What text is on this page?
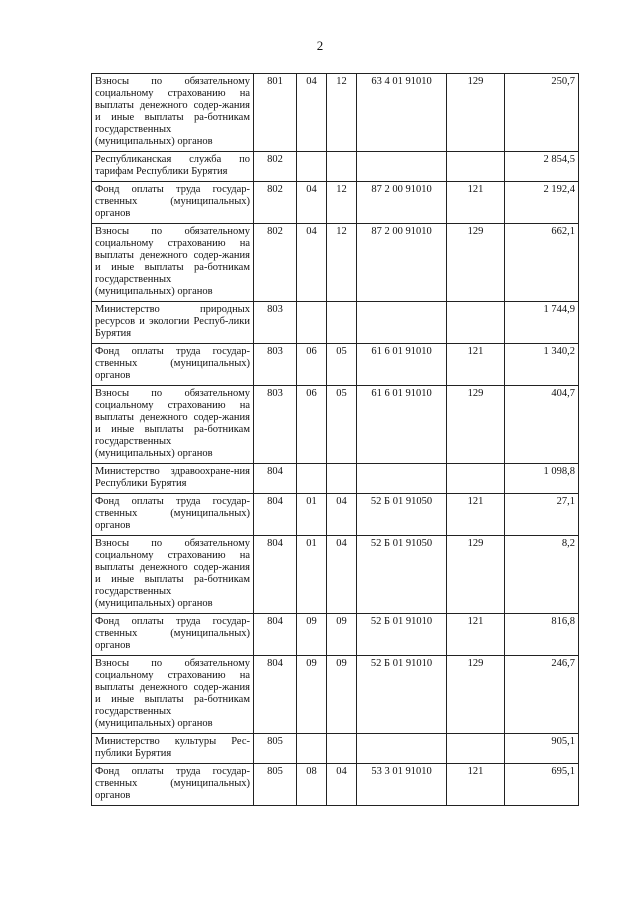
2
Взносы по обязательному социальному страхованию на выплаты денежного содер-жания и иные выплаты ра-ботникам государственных (муниципальных) органов	801	04	12	63 4 01 91010	129	250,7
Республиканская служба по тарифам Республики Бурятия	802					2 854,5
Фонд оплаты труда государ-ственных (муниципальных) органов	802	04	12	87 2 00 91010	121	2 192,4
Взносы по обязательному социальному страхованию на выплаты денежного содер-жания и иные выплаты ра-ботникам государственных (муниципальных) органов	802	04	12	87 2 00 91010	129	662,1
Министерство природных ресурсов и экологии Респуб-лики Бурятия	803					1 744,9
Фонд оплаты труда государ-ственных (муниципальных) органов	803	06	05	61 6 01 91010	121	1 340,2
Взносы по обязательному социальному страхованию на выплаты денежного содер-жания и иные выплаты ра-ботникам государственных (муниципальных) органов	803	06	05	61 6 01 91010	129	404,7
Министерство здравоохране-ния Республики Бурятия	804					1 098,8
Фонд оплаты труда государ-ственных (муниципальных) органов	804	01	04	52 Б 01 91050	121	27,1
Взносы по обязательному социальному страхованию на выплаты денежного содер-жания и иные выплаты ра-ботникам государственных (муниципальных) органов	804	01	04	52 Б 01 91050	129	8,2
Фонд оплаты труда государ-ственных (муниципальных) органов	804	09	09	52 Б 01 91010	121	816,8
Взносы по обязательному социальному страхованию на выплаты денежного содер-жания и иные выплаты ра-ботникам государственных (муниципальных) органов	804	09	09	52 Б 01 91010	129	246,7
Министерство культуры Рес-публики Бурятия	805					905,1
Фонд оплаты труда государ-ственных (муниципальных) органов	805	08	04	53 3 01 91010	121	695,1
